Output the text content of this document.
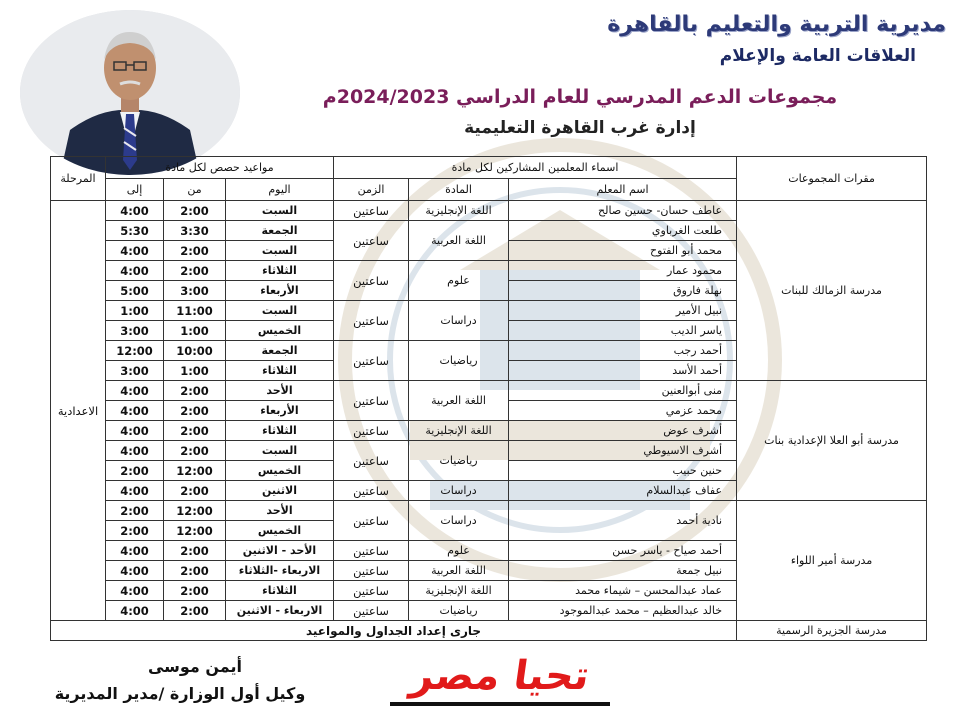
مديرية التربية والتعليم بالقاهرة
العلاقات العامة والإعلام
مجموعات الدعم المدرسي للعام الدراسي 2024/2023م
إدارة غرب القاهرة التعليمية
مقرات المجموعات	اسماء المعلمين المشاركين لكل مادة			مواعيد حصص لكل مادة			المرحلة
	اسم المعلم	المادة	الزمن	اليوم	من	إلى	
مدرسة الزمالك للبنات	عاطف حسان- حسين صالح	اللغة الإنجليزية	ساعتين	السبت	2:00	4:00	الاعدادية
	طلعت الغرباوي	اللغة العربية	ساعتين	الجمعة	3:30	5:30	
	محمد أبو الفتوح			السبت	2:00	4:00	
	محمود عمار	علوم	ساعتين	الثلاثاء	2:00	4:00	
	نهلة فاروق			الأربعاء	3:00	5:00	
	نبيل الأمير	دراسات	ساعتين	السبت	11:00	1:00	
	ياسر الديب			الخميس	1:00	3:00	
	أحمد رجب	رياضيات	ساعتين	الجمعة	10:00	12:00	
	أحمد الأسد			الثلاثاء	1:00	3:00	
مدرسة أبو العلا الإعدادية بنات	منى أبوالعنين	اللغة العربية	ساعتين	الأحد	2:00	4:00	
	محمد عزمي			الأربعاء	2:00	4:00	
	أشرف عوض	اللغة الإنجليزية	ساعتين	الثلاثاء	2:00	4:00	
	أشرف الاسيوطي	رياضيات	ساعتين	السبت	2:00	4:00	
	حنين حبيب			الخميس	12:00	2:00	
	عفاف عبدالسلام	دراسات	ساعتين	الاثنين	2:00	4:00	
مدرسة أمير اللواء	نادية أحمد	دراسات	ساعتين	الأحد	12:00	2:00	
				الخميس	12:00	2:00	
	أحمد صياح - ياسر حسن	علوم	ساعتين	الأحد - الاثنين	2:00	4:00	
	نبيل جمعة	اللغة العربية	ساعتين	الاربعاء -الثلاثاء	2:00	4:00	
	عماد عبدالمحسن – شيماء محمد	اللغة الإنجليزية	ساعتين	الثلاثاء	2:00	4:00	
	خالد عبدالعظيم – محمد عبدالموجود	رياضيات	ساعتين	الاربعاء - الاثنين	2:00	4:00	
مدرسة الجزيرة الرسمية	جارى إعداد الجداول والمواعيد						
أيمن موسى
وكيل أول الوزارة /مدير المديرية	تحيا مصر
